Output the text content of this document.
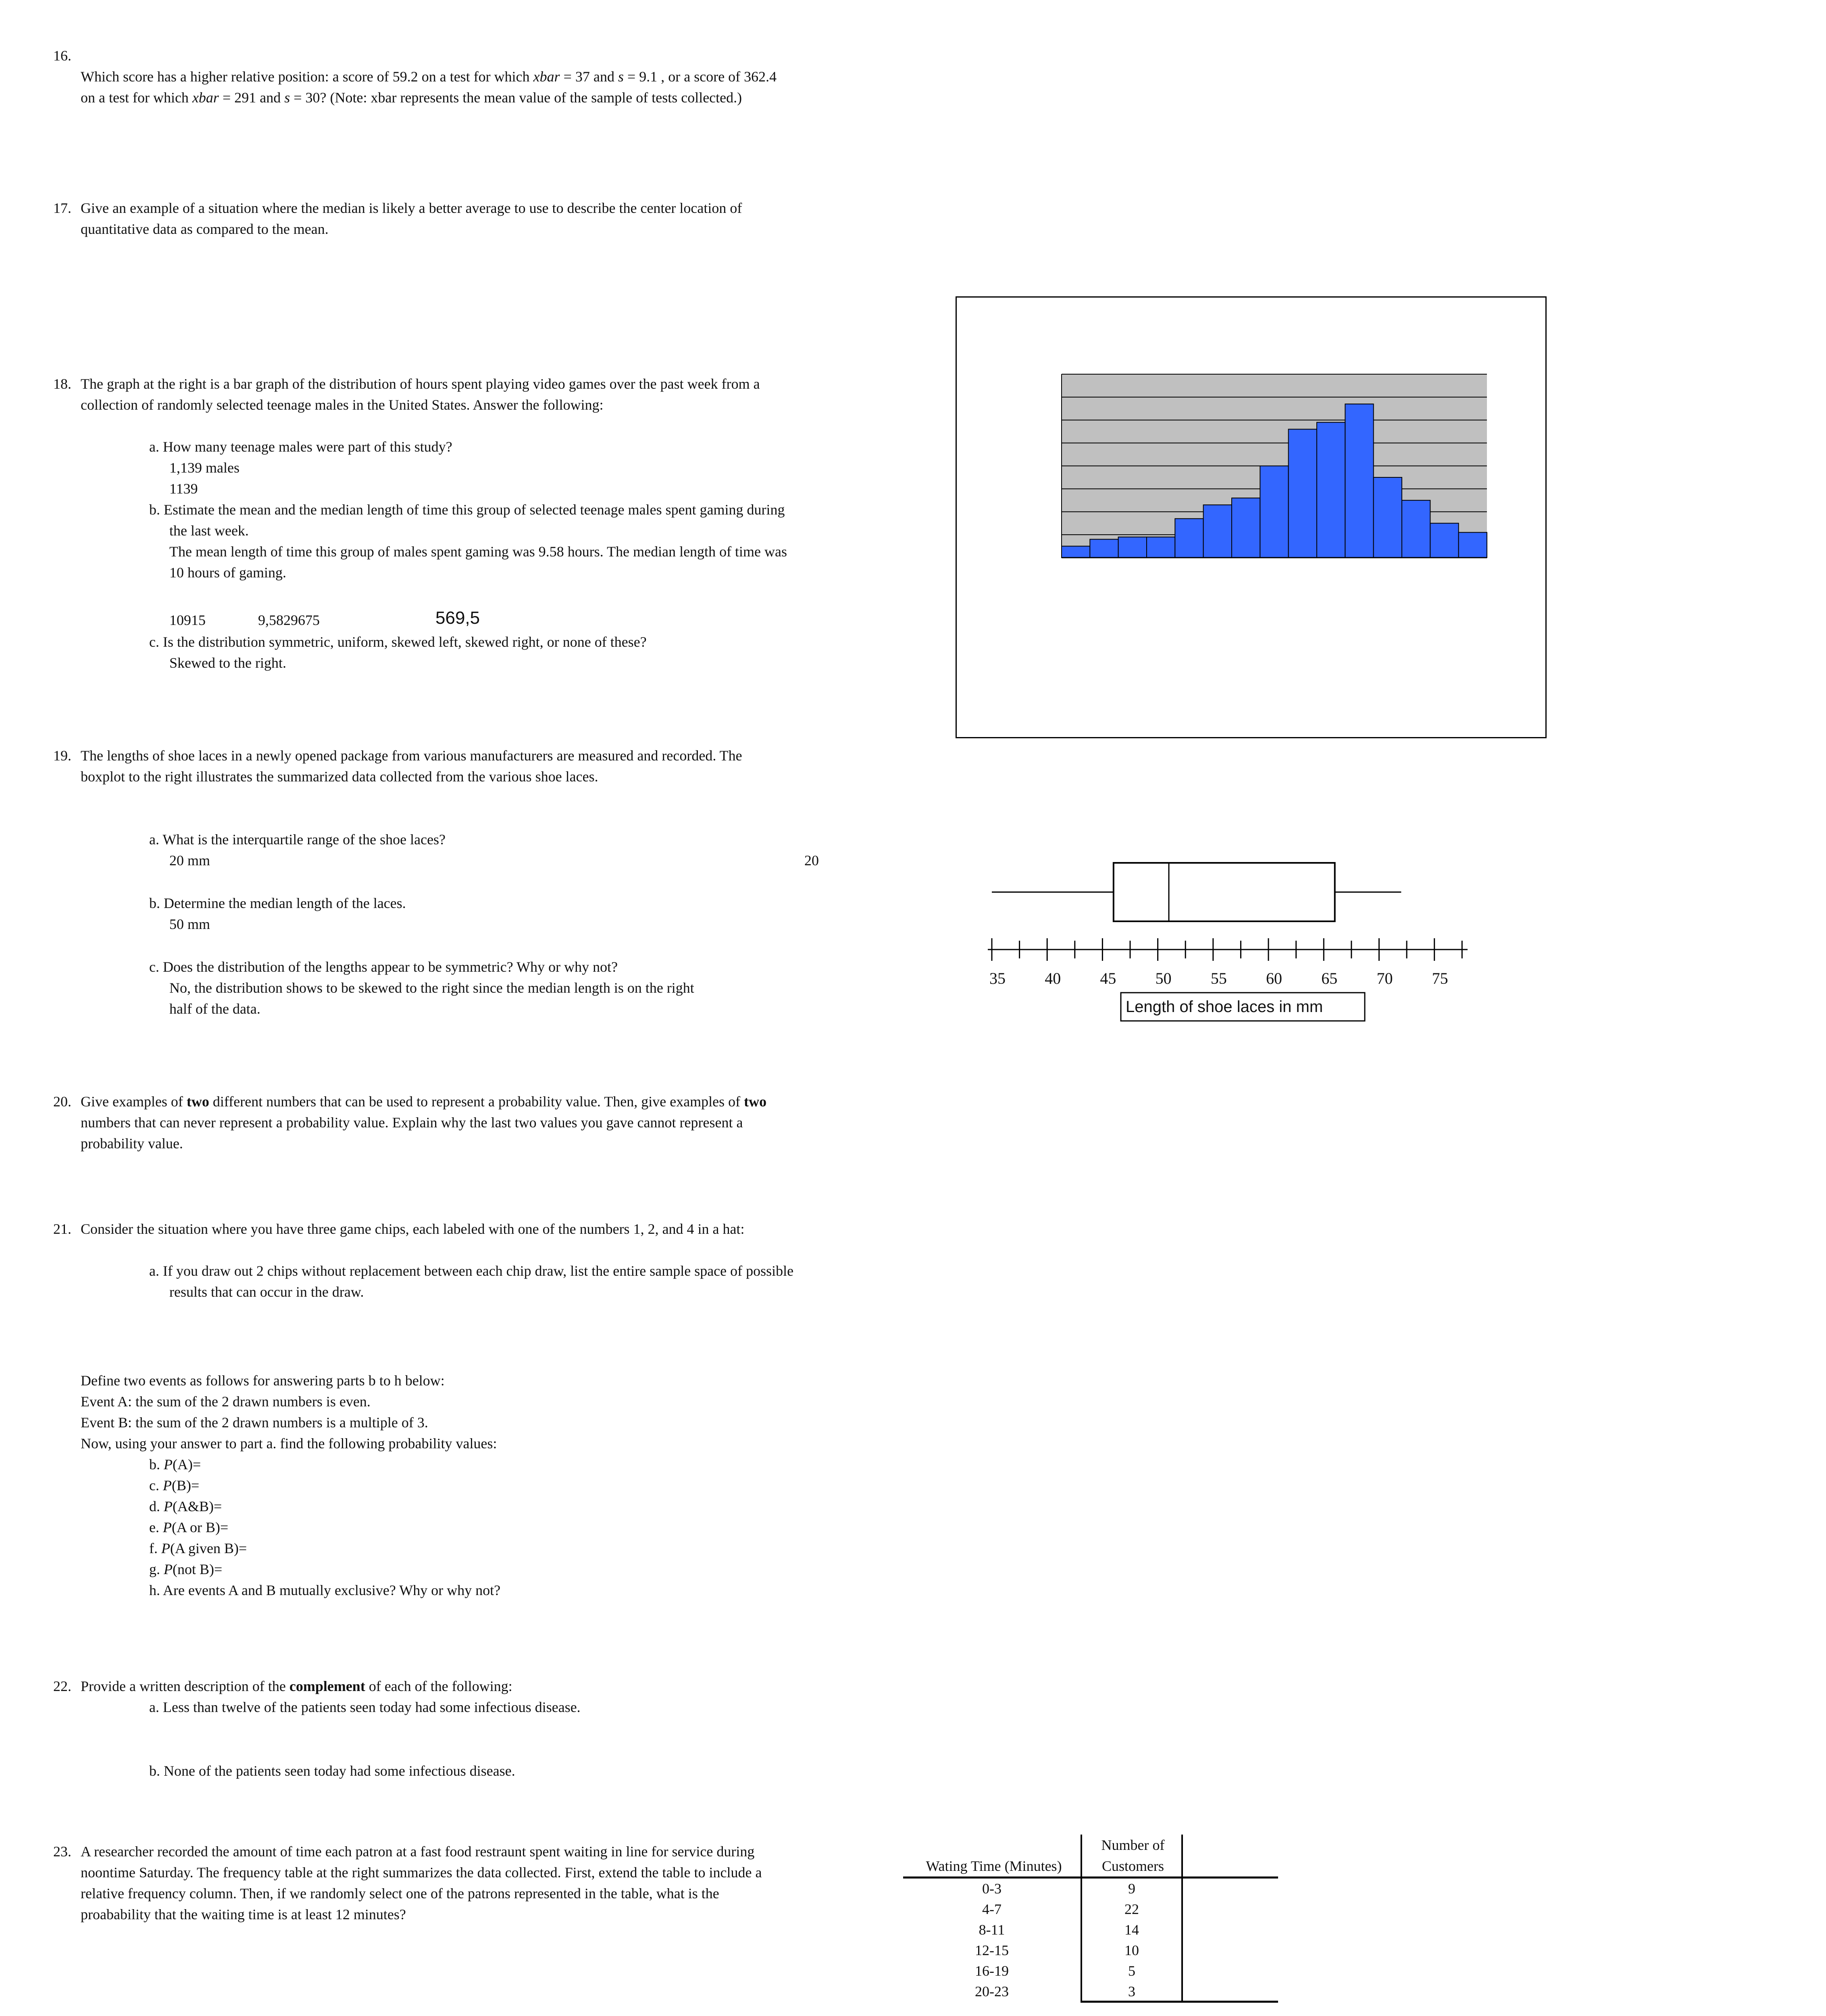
16.
Which score has a higher relative position: a score of 59.2 on a test for which xbar = 37 and s = 9.1 , or a score of 362.4
on a test for which xbar = 291 and s = 30? (Note: xbar represents the mean value of the sample of tests collected.)
17. Give an example of a situation where the median is likely a better average to use to describe the center location of
quantitative data as compared to the mean.
18. The graph at the right is a bar graph of the distribution of hours spent playing video games over the past week from a
collection of randomly selected teenage males in the United States. Answer the following:
a. How many teenage males were part of this study?
1,139 males
1139
b. Estimate the mean and the median length of time this group of selected teenage males spent gaming during
the last week.
The mean length of time this group of males spent gaming was 9.58 hours. The median length of time was
10 hours of gaming.
10915	9,5829675	569,5
c. Is the distribution symmetric, uniform, skewed left, skewed right, or none of these?
Skewed to the right.
19. The lengths of shoe laces in a newly opened package from various manufacturers are measured and recorded. The
boxplot to the right illustrates the summarized data collected from the various shoe laces.
a. What is the interquartile range of the shoe laces?
20 mm	20
b. Determine the median length of the laces.
50 mm
c. Does the distribution of the lengths appear to be symmetric? Why or why not?
No, the distribution shows to be skewed to the right since the median length is on the right
half of the data.
35 40 45 50 55 60 65 70 75
Length of shoe laces in mm
20. Give examples of two different numbers that can be used to represent a probability value. Then, give examples of two
numbers that can never represent a probability value. Explain why the last two values you gave cannot represent a
probability value.
21. Consider the situation where you have three game chips, each labeled with one of the numbers 1, 2, and 4 in a hat:
a. If you draw out 2 chips without replacement between each chip draw, list the entire sample space of possible
results that can occur in the draw.
Define two events as follows for answering parts b to h below:
Event A: the sum of the 2 drawn numbers is even.
Event B: the sum of the 2 drawn numbers is a multiple of 3.
Now, using your answer to part a. find the following probability values:
b. P(A)=
c. P(B)=
d. P(A&B)=
e. P(A or B)=
f. P(A given B)=
g. P(not B)=
h. Are events A and B mutually exclusive? Why or why not?
22. Provide a written description of the complement of each of the following:
a. Less than twelve of the patients seen today had some infectious disease.
b. None of the patients seen today had some infectious disease.
23. A researcher recorded the amount of time each patron at a fast food restraunt spent waiting in line for service during
noontime Saturday. The frequency table at the right summarizes the data collected. First, extend the table to include a
relative frequency column. Then, if we randomly select one of the patrons represented in the table, what is the
proabability that the waiting time is at least 12 minutes?
Number of
Wating Time (Minutes)	Customers
0-3	9
4-7	22
8-11	14
12-15	10
16-19	5
20-23	3
